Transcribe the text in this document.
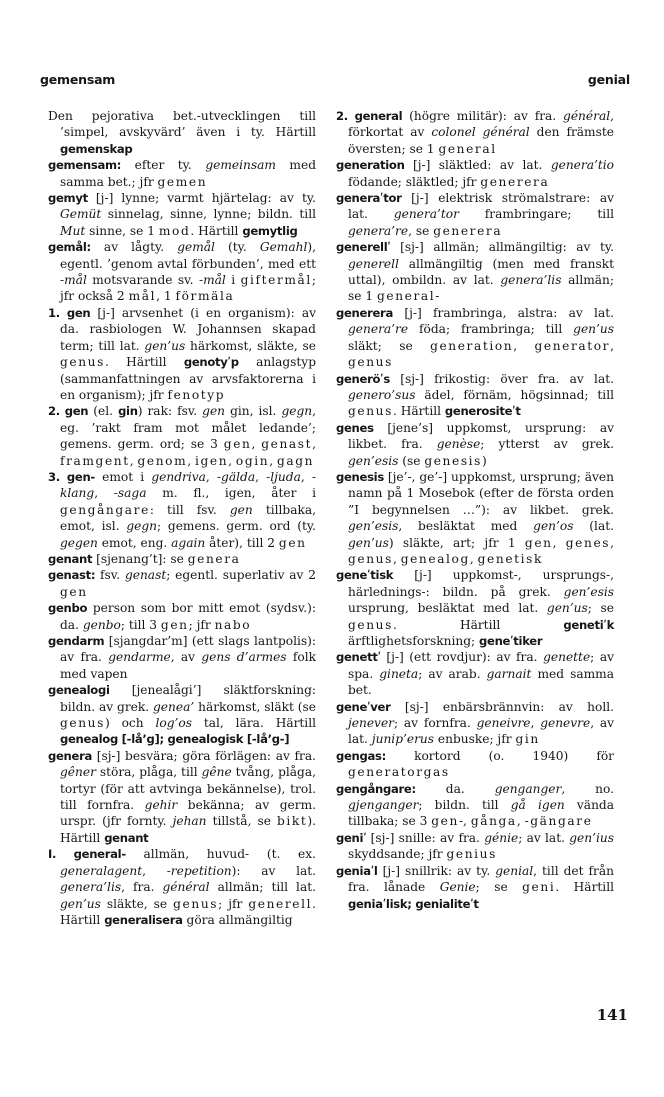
gemensam	genial
Den pejorativa bet.-utvecklingen till ’simpel, avskyvärd’ även i ty. Härtill gemenskap
gemensam: efter ty. gemeinsam med samma bet.; jfr gemen
gemyt [j-] lynne; varmt hjärtelag: av ty. Gemüt sinnelag, sinne, lynne; bildn. till Mut sinne, se 1 mod. Härtill gemytlig
gemål: av lågty. gemål (ty. Gemahl), egentl. ’genom avtal förbunden’, med ett -mål motsvarande sv. -mål i giftermål; jfr också 2 mål, 1 förmäla
1. gen [j-] arvsenhet (i en organism): av da. rasbiologen W. Johannsen skapad term; till lat. gen’us härkomst, släkte, se genus. Härtill genotyʹp anlagstyp (sammanfattningen av arvsfaktorerna i en organism); jfr fenotyp
2. gen (el. gin) rak: fsv. gen gin, isl. gegn, eg. ’rakt fram mot målet ledande’; gemens. germ. ord; se 3 gen, genast, framgent, genom, igen, ogin, gagn
3. gen- emot i gendriva, -gälda, -ljuda, -klang, -saga m. fl., igen, åter i gengångare: till fsv. gen tillbaka, emot, isl. gegn; gemens. germ. ord (ty. gegen emot, eng. again åter), till 2 gen
genant [sjenang’t]: se genera
genast: fsv. genast; egentl. superlativ av 2 gen
genbo person som bor mitt emot (sydsv.): da. genbo; till 3 gen; jfr nabo
gendarm [sjangdar’m] (ett slags lantpolis): av fra. gendarme, av gens d’armes folk med vapen
genealogi [jenealågi’] släktforskning: bildn. av grek. genea’ härkomst, släkt (se genus) och log’os tal, lära. Härtill genealog [-lå’g]; genealogisk [-lå’g-]
genera [sj-] besvära; göra förlägen: av fra. gêner störa, plåga, till gêne tvång, plåga, tortyr (för att avtvinga bekännelse), trol. till fornfra. gehir bekänna; av germ. urspr. (jfr fornty. jehan tillstå, se bikt). Härtill genant
I. general- allmän, huvud- (t. ex. generalagent, -repetition): av lat. genera’lis, fra. général allmän; till lat. gen’us släkte, se genus; jfr generell. Härtill generalisera göra allmängiltig
2. general (högre militär): av fra. général, förkortat av colonel général den främste översten; se 1 general
generation [j-] släktled: av lat. genera’tio födande; släktled; jfr generera
generaʹtor [j-] elektrisk strömalstrare: av lat. genera’tor frambringare; till genera’re, se generera
generellʹ [sj-] allmän; allmängiltig: av ty. generell allmängiltig (men med franskt uttal), ombildn. av lat. genera’lis allmän; se 1 general-
generera [j-] frambringa, alstra: av lat. genera’re föda; frambringa; till gen’us släkt; se generation, generator, genus
generöʹs [sj-] frikostig: över fra. av lat. genero’sus ädel, förnäm, högsinnad; till genus. Härtill generositeʹt
genes [jene’s] uppkomst, ursprung: av likbet. fra. genèse; ytterst av grek. gen’esis (se genesis)
genesis [je’-, ge’-] uppkomst, ursprung; även namn på 1 Mosebok (efter de första orden ”I begynnelsen …”): av likbet. grek. gen’esis, besläktat med gen’os (lat. gen’us) släkte, art; jfr 1 gen, genes, genus, genealog, genetisk
geneʹtisk [j-] uppkomst-, ursprungs-, härlednings-: bildn. på grek. gen’esis ursprung, besläktat med lat. gen’us; se genus. Härtill genetiʹk ärftlighetsforskning; geneʹtiker
genettʹ [j-] (ett rovdjur): av fra. genette; av spa. gineta; av arab. garnait med samma bet.
geneʹver [sj-] enbärsbrännvin: av holl. jenever; av fornfra. geneivre, genevre, av lat. junip’erus enbuske; jfr gin
gengas: kortord (o. 1940) för generatorgas
gengångare: da. genganger, no. gjenganger; bildn. till gå igen vända tillbaka; se 3 gen-, gånga, -gängare
geniʹ [sj-] snille: av fra. génie; av lat. gen’ius skyddsande; jfr genius
geniaʹl [j-] snillrik: av ty. genial, till det från fra. lånade Genie; se geni. Härtill geniaʹlisk; genialiteʹt
141
